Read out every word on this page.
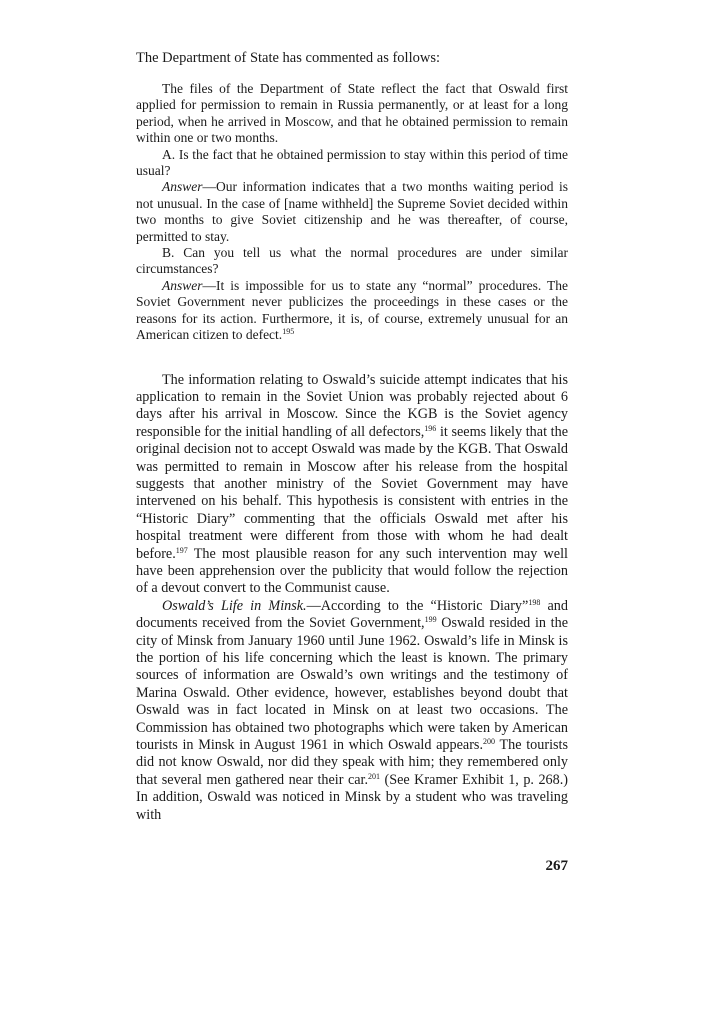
The Department of State has commented as follows:

The files of the Department of State reflect the fact that Oswald first applied for permission to remain in Russia permanently, or at least for a long period, when he arrived in Moscow, and that he obtained permission to remain within one or two months.

A. Is the fact that he obtained permission to stay within this period of time usual?

Answer—Our information indicates that a two months waiting period is not unusual. In the case of [name withheld] the Supreme Soviet decided within two months to give Soviet citizenship and he was thereafter, of course, permitted to stay.

B. Can you tell us what the normal procedures are under similar circumstances?

Answer—It is impossible for us to state any “normal” procedures. The Soviet Government never publicizes the proceedings in these cases or the reasons for its action. Furthermore, it is, of course, extremely unusual for an American citizen to defect.$^{195}$

The information relating to Oswald’s suicide attempt indicates that his application to remain in the Soviet Union was probably rejected about 6 days after his arrival in Moscow. Since the KGB is the Soviet agency responsible for the initial handling of all defectors,$^{196}$ it seems likely that the original decision not to accept Oswald was made by the KGB. That Oswald was permitted to remain in Moscow after his release from the hospital suggests that another ministry of the Soviet Government may have intervened on his behalf. This hypothesis is consistent with entries in the “Historic Diary” commenting that the officials Oswald met after his hospital treatment were different from those with whom he had dealt before.$^{197}$ The most plausible reason for any such intervention may well have been apprehension over the publicity that would follow the rejection of a devout convert to the Communist cause.

Oswald’s Life in Minsk.—According to the “Historic Diary”$^{198}$ and documents received from the Soviet Government,$^{199}$ Oswald resided in the city of Minsk from January 1960 until June 1962. Oswald’s life in Minsk is the portion of his life concerning which the least is known. The primary sources of information are Oswald’s own writings and the testimony of Marina Oswald. Other evidence, however, establishes beyond doubt that Oswald was in fact located in Minsk on at least two occasions. The Commission has obtained two photographs which were taken by American tourists in Minsk in August 1961 in which Oswald appears.$^{200}$ The tourists did not know Oswald, nor did they speak with him; they remembered only that several men gathered near their car.$^{201}$ (See Kramer Exhibit 1, p. 268.) In addition, Oswald was noticed in Minsk by a student who was traveling with

267
